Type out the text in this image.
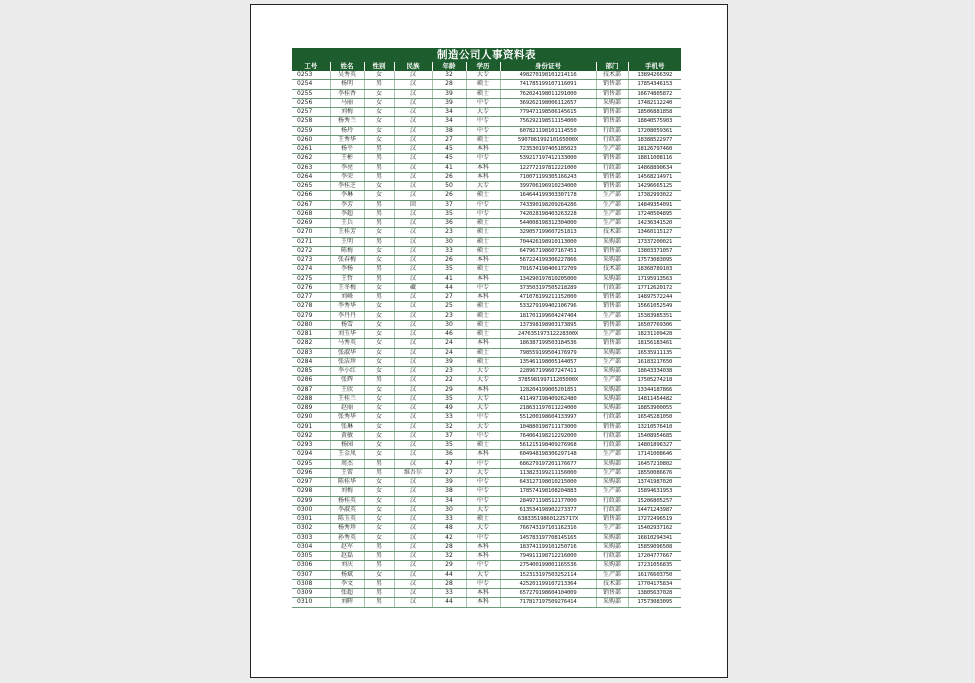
制造公司人事资料表
工号	姓名	性别	民族	年龄	学历	身份证号	部门	手机号
0253	吴秀英	女	汉	32	大专	498270198101214116	技术部	13894266392
0254	杨明	男	汉	28	硕士	741785199107116091	销售部	17854346153
0255	李桂香	女	汉	39	硕士	762024198011291000	销售部	16674805872
0256	马丽	女	汉	39	中专	369262198006112657	采购部	17482112240
0257	刘梅	女	汉	34	大专	779471198506145615	销售部	18506881858
0258	杨秀兰	女	汉	34	中专	756292198511154000	销售部	18840575903
0259	杨玲	女	汉	38	中专	607821198101114550	行政部	17208059361
0260	王秀华	女	汉	27	硕士	590786199210165000X	行政部	18388522977
0261	杨平	男	汉	45	本科	723530197405185023	生产部	18126797460
0262	王彬	男	汉	45	中专	539217197412133000	销售部	18811008116
0263	李亮	男	汉	41	本科	122772197812221000	行政部	14868890634
0264	李荣	男	汉	26	本科	710071199305166243	销售部	14568214971
0265	李桂芝	女	汉	50	大专	399706196910234000	销售部	14296665125
0266	李琳	女	汉	26	硕士	164644199303307178	生产部	17382993022
0267	李芳	男	回	37	中专	743390198209264286	生产部	14849354091
0268	李超	男	汉	35	中专	742028198403263228	生产部	17240504895
0269	王兵	男	汉	36	硕士	544008198312304000	生产部	14236341520
0270	王桂芳	女	汉	23	硕士	329057199607251813	技术部	13460115127
0271	王明	男	汉	30	硕士	704426198910113000	采购部	17337200021
0272	陈梅	女	汉	33	硕士	647967198607167451	销售部	13803371057
0273	张春梅	女	汉	26	本科	567224199306227866	采购部	17573083095
0274	李杨	男	汉	35	硕士	701674198406172709	技术部	18368789103
0275	王哲	男	汉	41	本科	134290197810205000	采购部	17195913563
0276	王冬梅	女	藏	44	中专	373503197505218289	行政部	17712620172
0277	刘峰	男	汉	27	本科	471078199211152000	销售部	14897572244
0278	李秀华	女	汉	25	硕士	533279199402106796	销售部	15661052549
0279	李丹丹	女	汉	23	硕士	181701199604247404	生产部	15383985351
0280	杨雪	女	汉	30	硕士	137398198903173895	销售部	16507769306
0281	刘玉华	女	汉	46	硕士	247635197312228300X	生产部	18231109428
0282	马秀英	女	汉	24	本科	186387199503184536	销售部	18156183461
0283	张淑华	女	汉	24	硕士	798559199504176979	采购部	16535911135
0284	张洁珍	女	汉	39	硕士	135461198005144057	生产部	16183217650
0285	李小红	女	汉	23	大专	228967199607247411	采购部	18643334038
0286	张辉	男	汉	22	大专	378598199711205000X	生产部	17505274218
0287	王欣	女	汉	29	本科	128204199005201851	采购部	13344187866
0288	王桂兰	女	汉	35	大专	411497198409262480	采购部	14811454482
0289	赵丽	女	汉	49	大专	218631197011224000	采购部	18853900055
0290	张秀华	女	汉	33	中专	551200198604133997	行政部	16545281050
0291	张琳	女	汉	32	大专	104880198711173000	销售部	13210576410
0292	黄敏	女	汉	37	中专	764064198212292000	行政部	15408954685
0293	杨园	女	汉	35	硕士	561215198409276968	行政部	14801896327
0294	王金凤	女	汉	36	本科	604948198306297148	生产部	17141008646
0295	周杰	男	汉	47	中专	686279197201176677	采购部	16457210802
0296	王雷	男	维吾尔	27	大专	113823199211156000	生产部	18550086676
0297	陈桂华	女	汉	39	中专	643127198010215000	采购部	13741987020
0298	刘梅	女	汉	38	中专	178574198108204883	生产部	15894631953
0299	杨桂英	女	汉	34	中专	284971198512177000	行政部	15206805257
0300	李淑英	女	汉	30	大专	613534198902273377	行政部	14471243987
0301	陈玉英	女	汉	33	硕士	638335198601225717X	销售部	17272496519
0302	杨秀珍	女	汉	48	大专	766743197101162316	生产部	15402937162
0303	孙秀英	女	汉	42	中专	145783197708145165	采购部	16810294341
0304	赵军	男	汉	28	本科	183741199101250716	采购部	15859096508
0305	赵磊	男	汉	32	本科	794911198712216000	行政部	17204777667
0306	刘庆	男	汉	29	中专	275400199001165536	采购部	17231056835
0307	杨斌	女	汉	44	大专	152313197503252114	生产部	16176603750
0308	李文	男	汉	28	中专	425201199107213364	技术部	17704175834
0309	张超	男	汉	33	本科	657279198604104009	销售部	13805637028
0310	刘晖	男	汉	44	本科	717817197509276414	采购部	17573083095
